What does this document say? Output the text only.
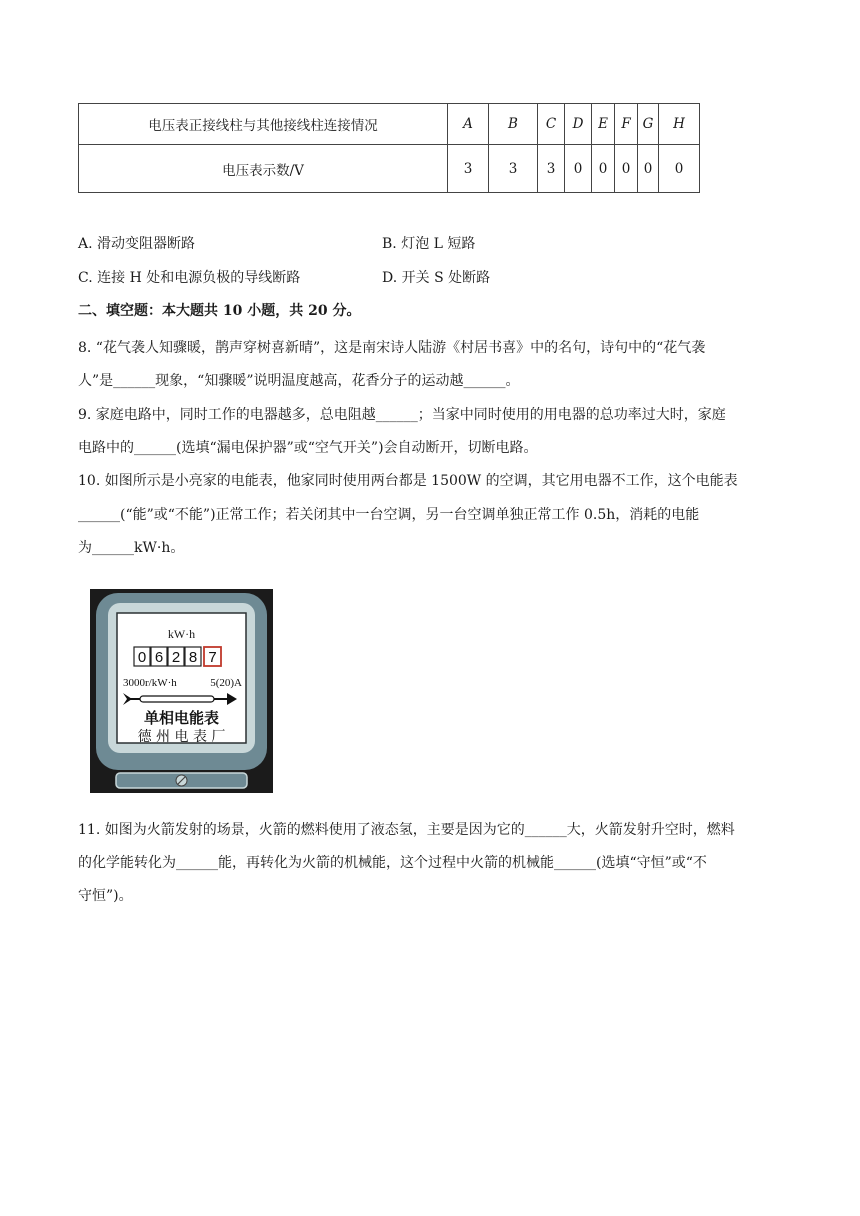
电压表正接线柱与其他接线柱连接情况	A	B	C	D	E	F	G	H
电压表示数/V	3	3	3	0	0	0	0	0
A. 滑动变阻器断路	B. 灯泡 L 短路
C. 连接 H 处和电源负极的导线断路	D. 开关 S 处断路
二、填空题：本大题共 10 小题，共 20 分。
8. “花气袭人知骤暖，鹊声穿树喜新晴”，这是南宋诗人陆游《村居书喜》中的名句，诗句中的“花气袭
人”是______现象，“知骤暖”说明温度越高，花香分子的运动越______。
9. 家庭电路中，同时工作的电器越多，总电阻越______；当家中同时使用的用电器的总功率过大时，家庭
电路中的______(选填“漏电保护器”或“空气开关”)会自动断开，切断电路。
10. 如图所示是小亮家的电能表，他家同时使用两台都是 1500W 的空调，其它用电器不工作，这个电能表
______(“能”或“不能”)正常工作；若关闭其中一台空调，另一台空调单独正常工作 0.5h，消耗的电能
为______kW·h。
kW·h
0 6 2 8 7
3000r/kW·h	5(20)A
单相电能表
德 州 电 表 厂
11. 如图为火箭发射的场景，火箭的燃料使用了液态氢，主要是因为它的______大，火箭发射升空时，燃料
的化学能转化为______能，再转化为火箭的机械能，这个过程中火箭的机械能______(选填“守恒”或“不
守恒”)。
